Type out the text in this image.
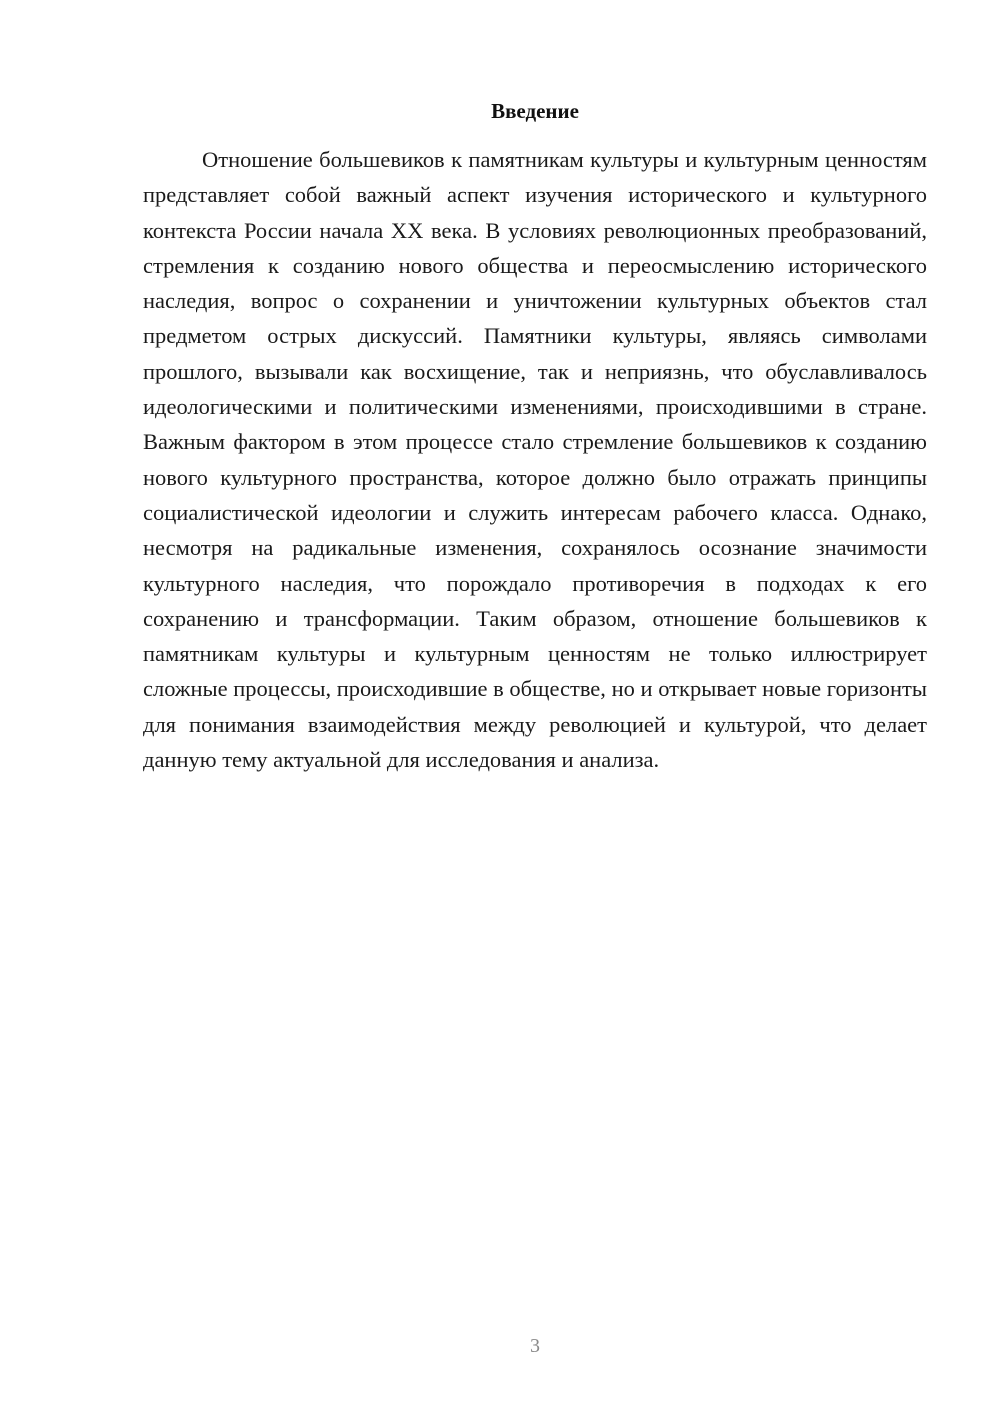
Введение

Отношение большевиков к памятникам культуры и культурным ценностям представляет собой важный аспект изучения исторического и культурного контекста России начала XX века. В условиях революционных преобразований, стремления к созданию нового общества и переосмыслению исторического наследия, вопрос о сохранении и уничтожении культурных объектов стал предметом острых дискуссий. Памятники культуры, являясь символами прошлого, вызывали как восхищение, так и неприязнь, что обуславливалось идеологическими и политическими изменениями, происходившими в стране. Важным фактором в этом процессе стало стремление большевиков к созданию нового культурного пространства, которое должно было отражать принципы социалистической идеологии и служить интересам рабочего класса. Однако, несмотря на радикальные изменения, сохранялось осознание значимости культурного наследия, что порождало противоречия в подходах к его сохранению и трансформации. Таким образом, отношение большевиков к памятникам культуры и культурным ценностям не только иллюстрирует сложные процессы, происходившие в обществе, но и открывает новые горизонты для понимания взаимодействия между революцией и культурой, что делает данную тему актуальной для исследования и анализа.

3
